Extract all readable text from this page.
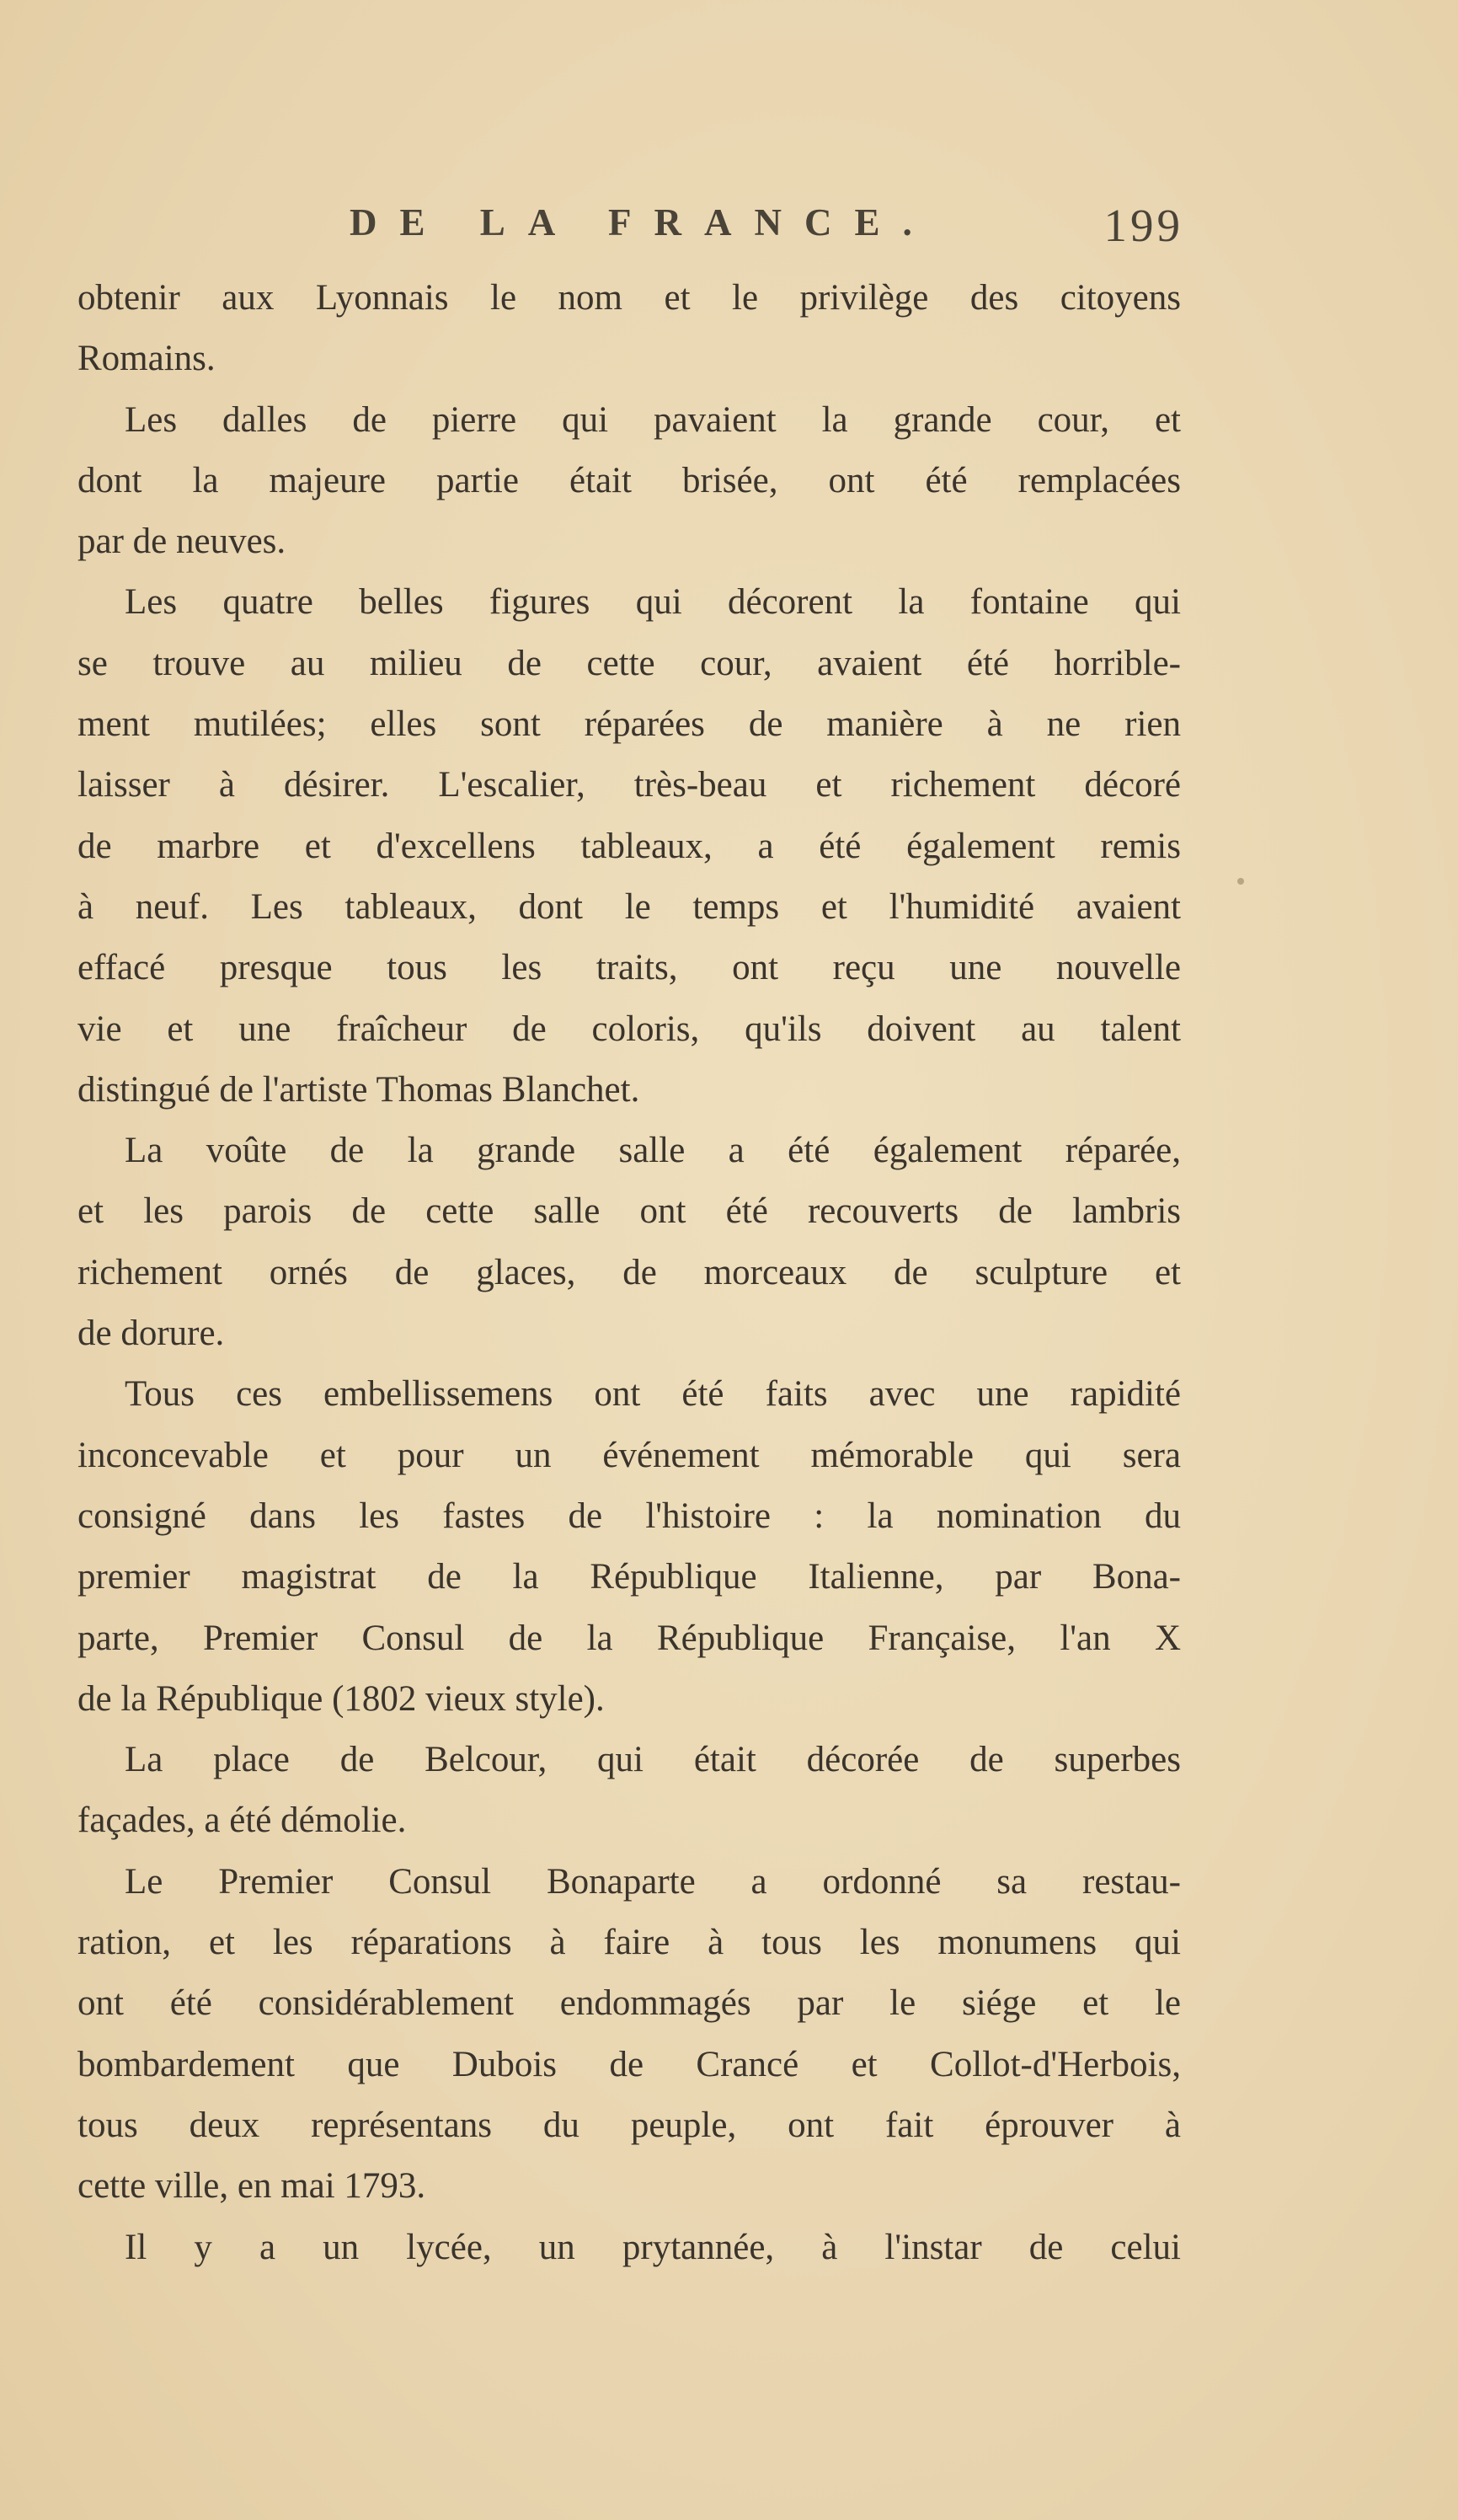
DE LA FRANCE.	199
obtenir aux Lyonnais le nom et le privilège des citoyens
Romains.
Les dalles de pierre qui pavaient la grande cour, et
dont la majeure partie était brisée, ont été remplacées
par de neuves.
Les quatre belles figures qui décorent la fontaine qui
se trouve au milieu de cette cour, avaient été horrible-
ment mutilées; elles sont réparées de manière à ne rien
laisser à désirer. L'escalier, très-beau et richement décoré
de marbre et d'excellens tableaux, a été également remis
à neuf. Les tableaux, dont le temps et l'humidité avaient
effacé presque tous les traits, ont reçu une nouvelle
vie et une fraîcheur de coloris, qu'ils doivent au talent
distingué de l'artiste Thomas Blanchet.
La voûte de la grande salle a été également réparée,
et les parois de cette salle ont été recouverts de lambris
richement ornés de glaces, de morceaux de sculpture et
de dorure.
Tous ces embellissemens ont été faits avec une rapidité
inconcevable et pour un événement mémorable qui sera
consigné dans les fastes de l'histoire : la nomination du
premier magistrat de la République Italienne, par Bona-
parte, Premier Consul de la République Française, l'an X
de la République (1802 vieux style).
La place de Belcour, qui était décorée de superbes
façades, a été démolie.
Le Premier Consul Bonaparte a ordonné sa restau-
ration, et les réparations à faire à tous les monumens qui
ont été considérablement endommagés par le siége et le
bombardement que Dubois de Crancé et Collot-d'Herbois,
tous deux représentans du peuple, ont fait éprouver à
cette ville, en mai 1793.
Il y a un lycée, un prytannée, à l'instar de celui
